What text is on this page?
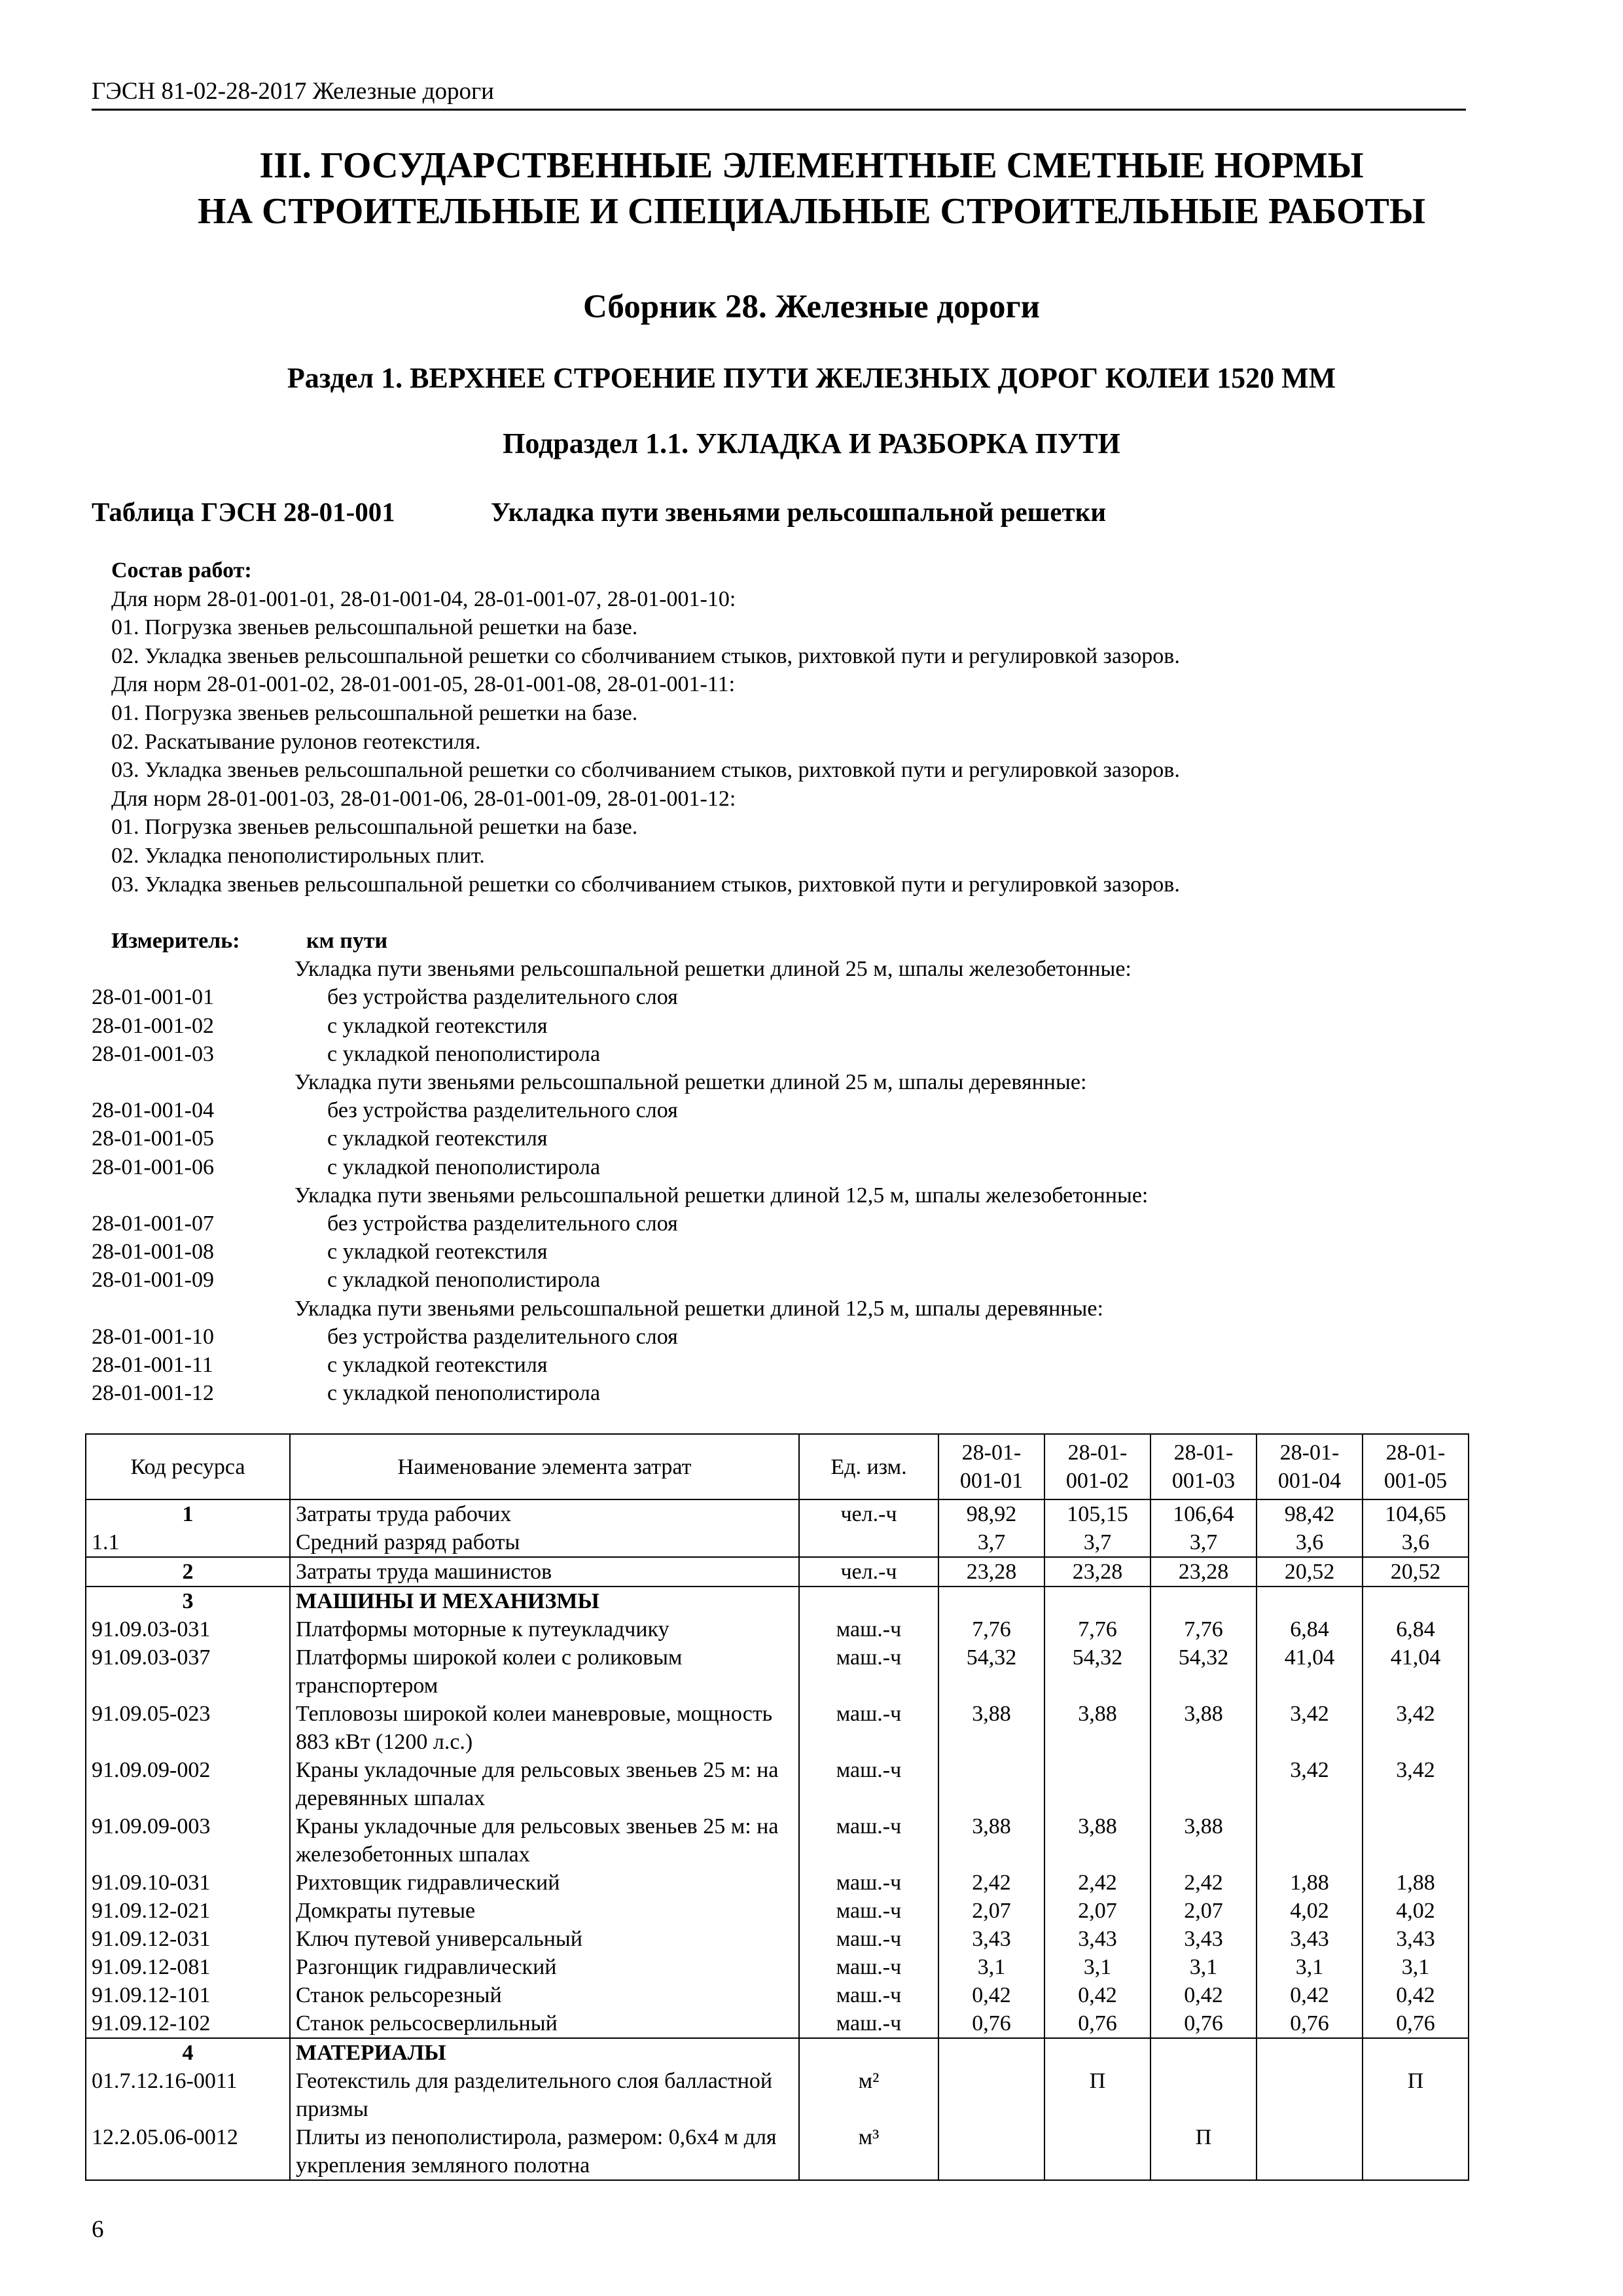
ГЭСН 81-02-28-2017 Железные дороги
III. ГОСУДАРСТВЕННЫЕ ЭЛЕМЕНТНЫЕ СМЕТНЫЕ НОРМЫ
НА СТРОИТЕЛЬНЫЕ И СПЕЦИАЛЬНЫЕ СТРОИТЕЛЬНЫЕ РАБОТЫ
Сборник 28. Железные дороги
Раздел 1. ВЕРХНЕЕ СТРОЕНИЕ ПУТИ ЖЕЛЕЗНЫХ ДОРОГ КОЛЕИ 1520 ММ
Подраздел 1.1. УКЛАДКА И РАЗБОРКА ПУТИ
Таблица ГЭСН 28-01-001	Укладка пути звеньями рельсошпальной решетки
Состав работ:
Для норм 28-01-001-01, 28-01-001-04, 28-01-001-07, 28-01-001-10:
01. Погрузка звеньев рельсошпальной решетки на базе.
02. Укладка звеньев рельсошпальной решетки со сболчиванием стыков, рихтовкой пути и регулировкой зазоров.
Для норм 28-01-001-02, 28-01-001-05, 28-01-001-08, 28-01-001-11:
01. Погрузка звеньев рельсошпальной решетки на базе.
02. Раскатывание рулонов геотекстиля.
03. Укладка звеньев рельсошпальной решетки со сболчиванием стыков, рихтовкой пути и регулировкой зазоров.
Для норм 28-01-001-03, 28-01-001-06, 28-01-001-09, 28-01-001-12:
01. Погрузка звеньев рельсошпальной решетки на базе.
02. Укладка пенополистирольных плит.
03. Укладка звеньев рельсошпальной решетки со сболчиванием стыков, рихтовкой пути и регулировкой зазоров.
Измеритель:	км пути
Укладка пути звеньями рельсошпальной решетки длиной 25 м, шпалы железобетонные:
28-01-001-01	без устройства разделительного слоя
28-01-001-02	с укладкой геотекстиля
28-01-001-03	с укладкой пенополистирола
Укладка пути звеньями рельсошпальной решетки длиной 25 м, шпалы деревянные:
28-01-001-04	без устройства разделительного слоя
28-01-001-05	с укладкой геотекстиля
28-01-001-06	с укладкой пенополистирола
Укладка пути звеньями рельсошпальной решетки длиной 12,5 м, шпалы железобетонные:
28-01-001-07	без устройства разделительного слоя
28-01-001-08	с укладкой геотекстиля
28-01-001-09	с укладкой пенополистирола
Укладка пути звеньями рельсошпальной решетки длиной 12,5 м, шпалы деревянные:
28-01-001-10	без устройства разделительного слоя
28-01-001-11	с укладкой геотекстиля
28-01-001-12	с укладкой пенополистирола
Код ресурса	Наименование элемента затрат	Ед. изм.	28-01-001-01	28-01-001-02	28-01-001-03	28-01-001-04	28-01-001-05
1	Затраты труда рабочих	чел.-ч	98,92	105,15	106,64	98,42	104,65
1.1	Средний разряд работы		3,7	3,7	3,7	3,6	3,6
2	Затраты труда машинистов	чел.-ч	23,28	23,28	23,28	20,52	20,52
3	МАШИНЫ И МЕХАНИЗМЫ						
91.09.03-031	Платформы моторные к путеукладчику	маш.-ч	7,76	7,76	7,76	6,84	6,84
91.09.03-037	Платформы широкой колеи с роликовым транспортером	маш.-ч	54,32	54,32	54,32	41,04	41,04
91.09.05-023	Тепловозы широкой колеи маневровые, мощность 883 кВт (1200 л.с.)	маш.-ч	3,88	3,88	3,88	3,42	3,42
91.09.09-002	Краны укладочные для рельсовых звеньев 25 м: на деревянных шпалах	маш.-ч				3,42	3,42
91.09.09-003	Краны укладочные для рельсовых звеньев 25 м: на железобетонных шпалах	маш.-ч	3,88	3,88	3,88		
91.09.10-031	Рихтовщик гидравлический	маш.-ч	2,42	2,42	2,42	1,88	1,88
91.09.12-021	Домкраты путевые	маш.-ч	2,07	2,07	2,07	4,02	4,02
91.09.12-031	Ключ путевой универсальный	маш.-ч	3,43	3,43	3,43	3,43	3,43
91.09.12-081	Разгонщик гидравлический	маш.-ч	3,1	3,1	3,1	3,1	3,1
91.09.12-101	Станок рельсорезный	маш.-ч	0,42	0,42	0,42	0,42	0,42
91.09.12-102	Станок рельсосверлильный	маш.-ч	0,76	0,76	0,76	0,76	0,76
4	МАТЕРИАЛЫ						
01.7.12.16-0011	Геотекстиль для разделительного слоя балластной призмы	м²		П			П
12.2.05.06-0012	Плиты из пенополистирола, размером: 0,6х4 м для укрепления земляного полотна	м³			П		
6
